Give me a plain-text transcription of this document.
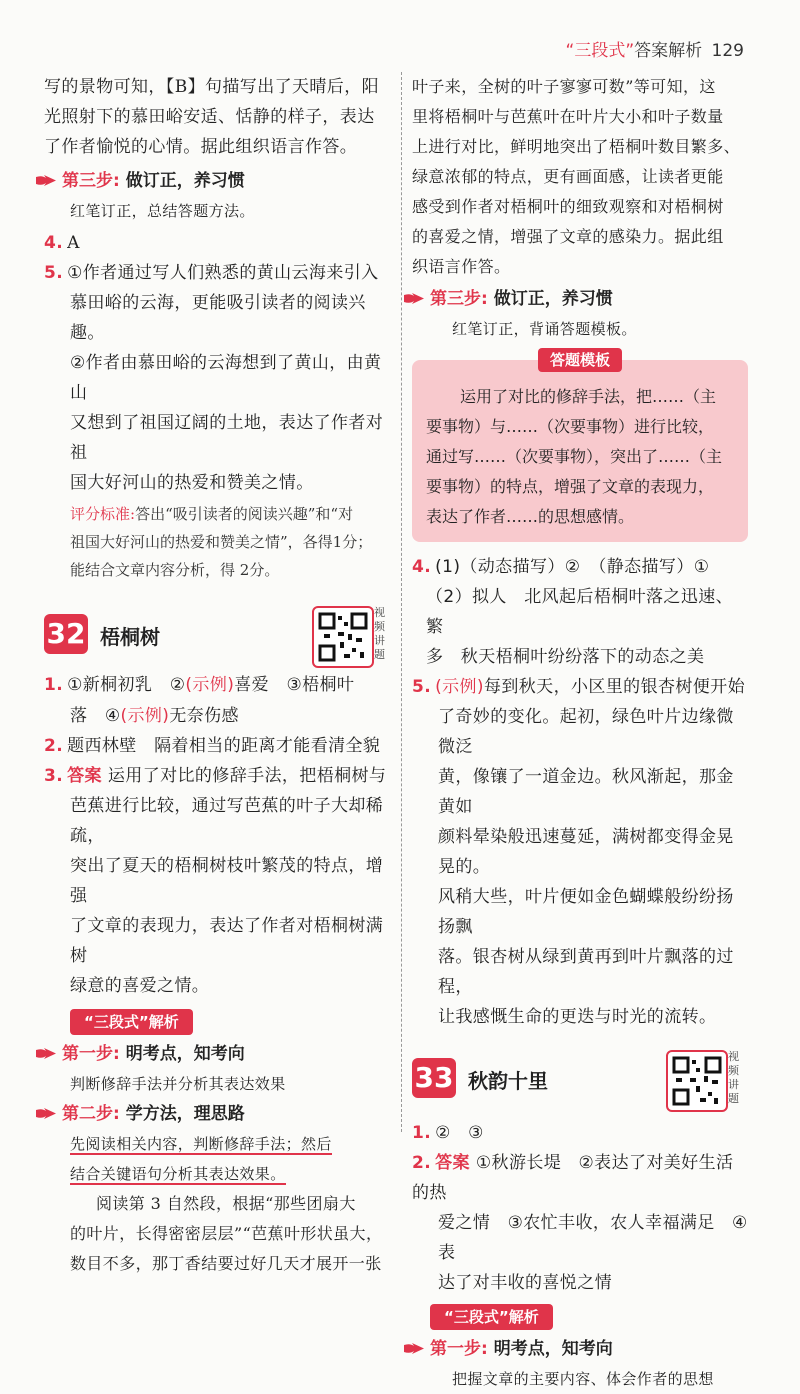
“三段式”答案解析 129

写的景物可知，【B】句描写出了天晴后，阳

光照射下的慕田峪安适、恬静的样子，表达

了作者愉悦的心情。据此组织语言作答。

第三步: 做订正，养习惯

红笔订正，总结答题方法。

4. A

5. ①作者通过写人们熟悉的黄山云海来引入

慕田峪的云海，更能吸引读者的阅读兴趣。

②作者由慕田峪的云海想到了黄山，由黄山

又想到了祖国辽阔的土地，表达了作者对祖

国大好河山的热爱和赞美之情。

评分标准:答出“吸引读者的阅读兴趣”和“对

祖国大好河山的热爱和赞美之情”，各得1分；

能结合文章内容分析，得 2分。

32 梧桐树
视频讲题

1. ①新桐初乳　 ②(示例)喜爱　 ③梧桐叶

落　 ④(示例)无奈伤感

2. 题西林壁　隔着相当的距离才能看清全貌

3. 答案 运用了对比的修辞手法，把梧桐树与

芭蕉进行比较，通过写芭蕉的叶子大却稀疏，

突出了夏天的梧桐树枝叶繁茂的特点，增强

了文章的表现力，表达了作者对梧桐树满树

绿意的喜爱之情。

“三段式”解析
第一步: 明考点，知考向

判断修辞手法并分析其表达效果

第二步: 学方法，理思路

先阅读相关内容，判断修辞手法；然后

结合关键语句分析其表达效果。

阅读第 3 自然段，根据“那些团扇大

的叶片，长得密密层层”“芭蕉叶形状虽大，

数目不多，那丁香结要过好几天才展开一张

叶子来，全树的叶子寥寥可数”等可知，这

里将梧桐叶与芭蕉叶在叶片大小和叶子数量

上进行对比，鲜明地突出了梧桐叶数目繁多、

绿意浓郁的特点，更有画面感，让读者更能

感受到作者对梧桐叶的细致观察和对梧桐树

的喜爱之情，增强了文章的感染力。据此组

织语言作答。

第三步: 做订正，养习惯

红笔订正，背诵答题模板。

答题模板

运用了对比的修辞手法，把……（主

要事物）与……（次要事物）进行比较，

通过写……（次要事物），突出了……（主

要事物）的特点，增强了文章的表现力，

表达了作者……的思想感情。

4. (1)（动态描写）②　（静态描写）①

（2）拟人　北风起后梧桐叶落之迅速、繁

多　秋天梧桐叶纷纷落下的动态之美

5. (示例)每到秋天，小区里的银杏树便开始

了奇妙的变化。起初，绿色叶片边缘微微泛

黄，像镶了一道金边。秋风渐起，那金黄如

颜料晕染般迅速蔓延，满树都变得金晃晃的。

风稍大些，叶片便如金色蝴蝶般纷纷扬扬飘

落。银杏树从绿到黄再到叶片飘落的过程，

让我感慨生命的更迭与时光的流转。

33 秋韵十里
视频讲题

1. ②　③

2. 答案 ①秋游长堤　②表达了对美好生活的热

爱之情　③农忙丰收，农人幸福满足　④表

达了对丰收的喜悦之情

“三段式”解析
第一步: 明考点，知考向

把握文章的主要内容、体会作者的思想
